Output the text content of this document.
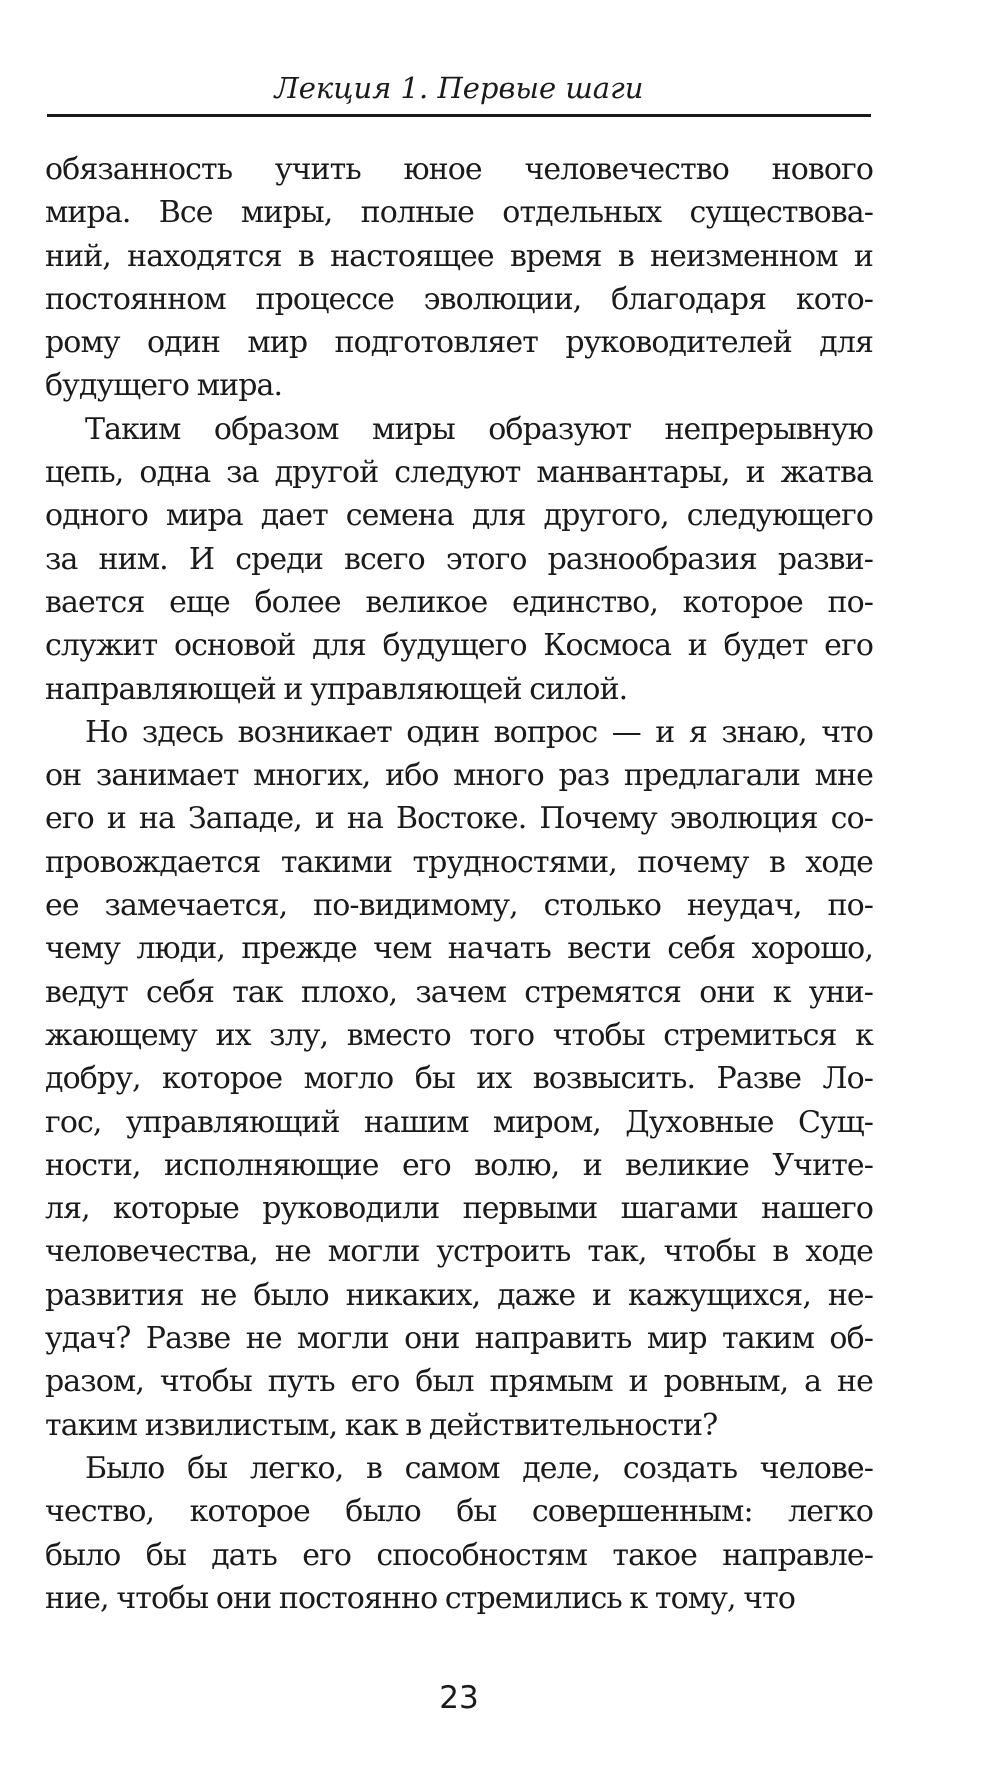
Лекция 1. Первые шаги
обязанность учить юное человечество нового
мира. Все миры, полные отдельных существова-
ний, находятся в настоящее время в неизменном и
постоянном процессе эволюции, благодаря кото-
рому один мир подготовляет руководителей для
будущего мира.
Таким образом миры образуют непрерывную
цепь, одна за другой следуют манвантары, и жатва
одного мира дает семена для другого, следующего
за ним. И среди всего этого разнообразия разви-
вается еще более великое единство, которое по-
служит основой для будущего Космоса и будет его
направляющей и управляющей силой.
Но здесь возникает один вопрос — и я знаю, что
он занимает многих, ибо много раз предлагали мне
его и на Западе, и на Востоке. Почему эволюция со-
провождается такими трудностями, почему в ходе
ее замечается, по-видимому, столько неудач, по-
чему люди, прежде чем начать вести себя хорошо,
ведут себя так плохо, зачем стремятся они к уни-
жающему их злу, вместо того чтобы стремиться к
добру, которое могло бы их возвысить. Разве Ло-
гос, управляющий нашим миром, Духовные Сущ-
ности, исполняющие его волю, и великие Учите-
ля, которые руководили первыми шагами нашего
человечества, не могли устроить так, чтобы в ходе
развития не было никаких, даже и кажущихся, не-
удач? Разве не могли они направить мир таким об-
разом, чтобы путь его был прямым и ровным, а не
таким извилистым, как в действительности?
Было бы легко, в самом деле, создать челове-
чество, которое было бы совершенным: легко
было бы дать его способностям такое направле-
ние, чтобы они постоянно стремились к тому, что
23
